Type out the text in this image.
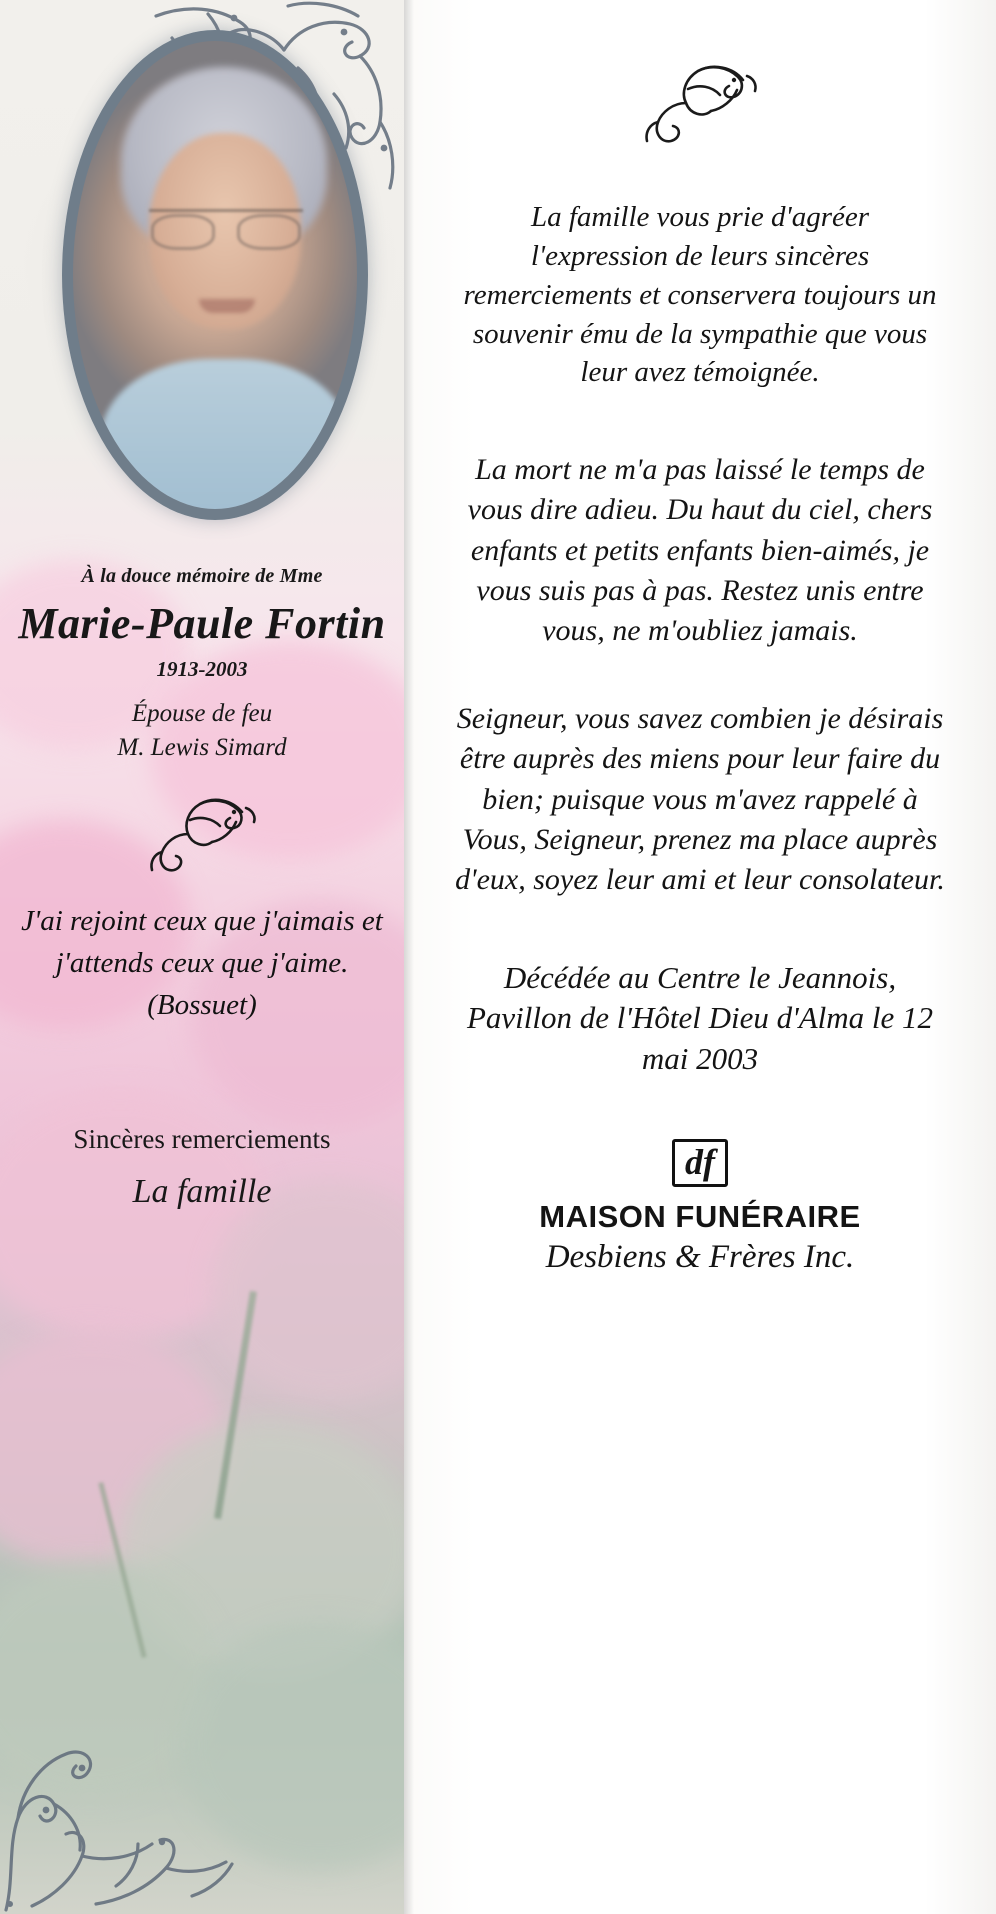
À la douce mémoire de Mme
Marie-Paule Fortin
1913-2003
Épouse de feu
M. Lewis Simard
J'ai rejoint ceux que j'aimais et j'attends ceux que j'aime. (Bossuet)
Sincères remerciements
La famille
La famille vous prie d'agréer l'expression de leurs sincères remerciements et conservera toujours un souvenir ému de la sympathie que vous leur avez témoignée.
La mort ne m'a pas laissé le temps de vous dire adieu. Du haut du ciel, chers enfants et petits enfants bien-aimés, je vous suis pas à pas. Restez unis entre vous, ne m'oubliez jamais.
Seigneur, vous savez combien je désirais être auprès des miens pour leur faire du bien; puisque vous m'avez rappelé à Vous, Seigneur, prenez ma place auprès d'eux, soyez leur ami et leur consolateur.
Décédée au Centre le Jeannois, Pavillon de l'Hôtel Dieu d'Alma le 12 mai 2003
df
MAISON FUNÉRAIRE
Desbiens & Frères Inc.
